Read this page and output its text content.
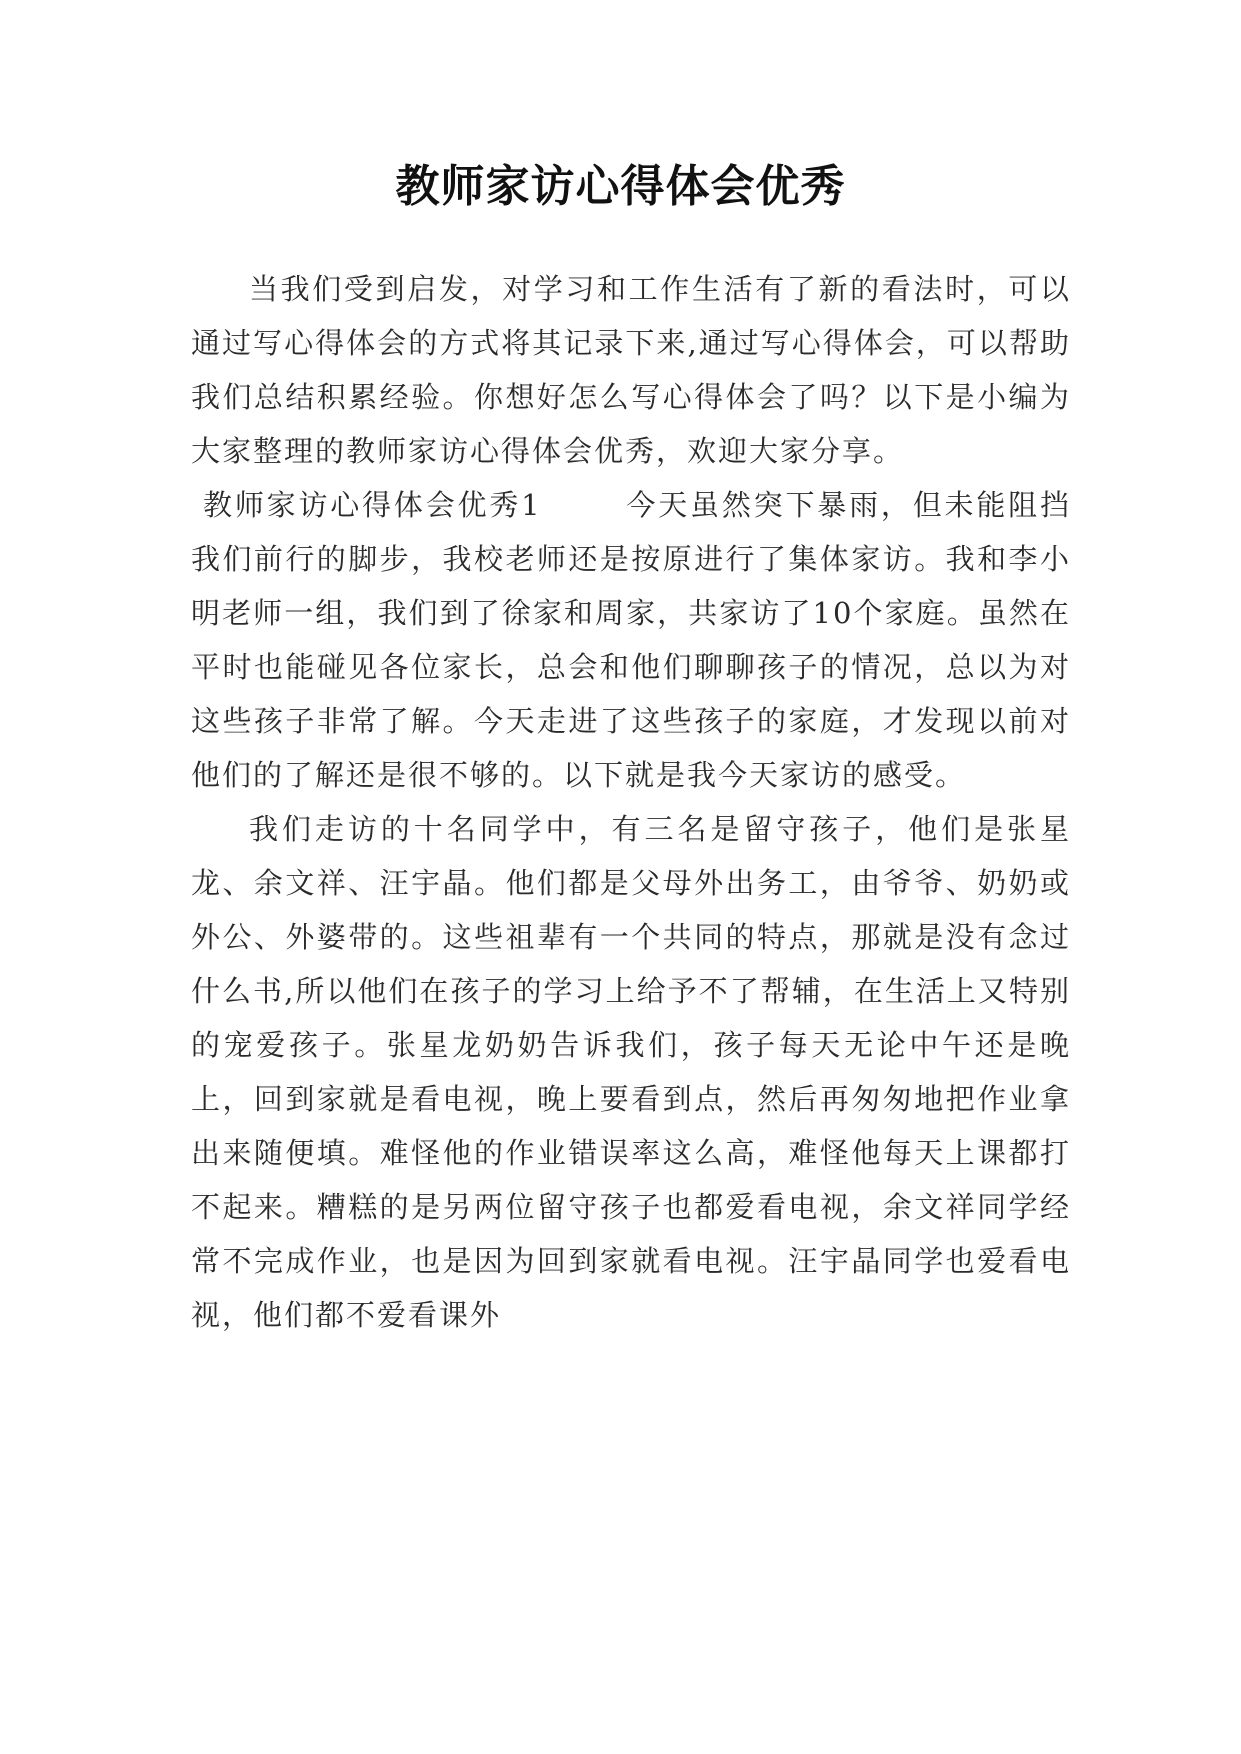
教师家访心得体会优秀

当我们受到启发，对学习和工作生活有了新的看法时，可以通过写心得体会的方式将其记录下来,通过写心得体会，可以帮助我们总结积累经验。你想好怎么写心得体会了吗？以下是小编为大家整理的教师家访心得体会优秀，欢迎大家分享。

教师家访心得体会优秀1	今天虽然突下暴雨，但未能阻挡我们前行的脚步，我校老师还是按原进行了集体家访。我和李小明老师一组，我们到了徐家和周家，共家访了10个家庭。虽然在平时也能碰见各位家长，总会和他们聊聊孩子的情况，总以为对这些孩子非常了解。今天走进了这些孩子的家庭，才发现以前对他们的了解还是很不够的。以下就是我今天家访的感受。

我们走访的十名同学中，有三名是留守孩子，他们是张星龙、余文祥、汪宇晶。他们都是父母外出务工，由爷爷、奶奶或外公、外婆带的。这些祖辈有一个共同的特点，那就是没有念过什么书,所以他们在孩子的学习上给予不了帮辅，在生活上又特别的宠爱孩子。张星龙奶奶告诉我们，孩子每天无论中午还是晚上，回到家就是看电视，晚上要看到点，然后再匆匆地把作业拿出来随便填。难怪他的作业错误率这么高，难怪他每天上课都打不起来。糟糕的是另两位留守孩子也都爱看电视，余文祥同学经常不完成作业，也是因为回到家就看电视。汪宇晶同学也爱看电视，他们都不爱看课外
